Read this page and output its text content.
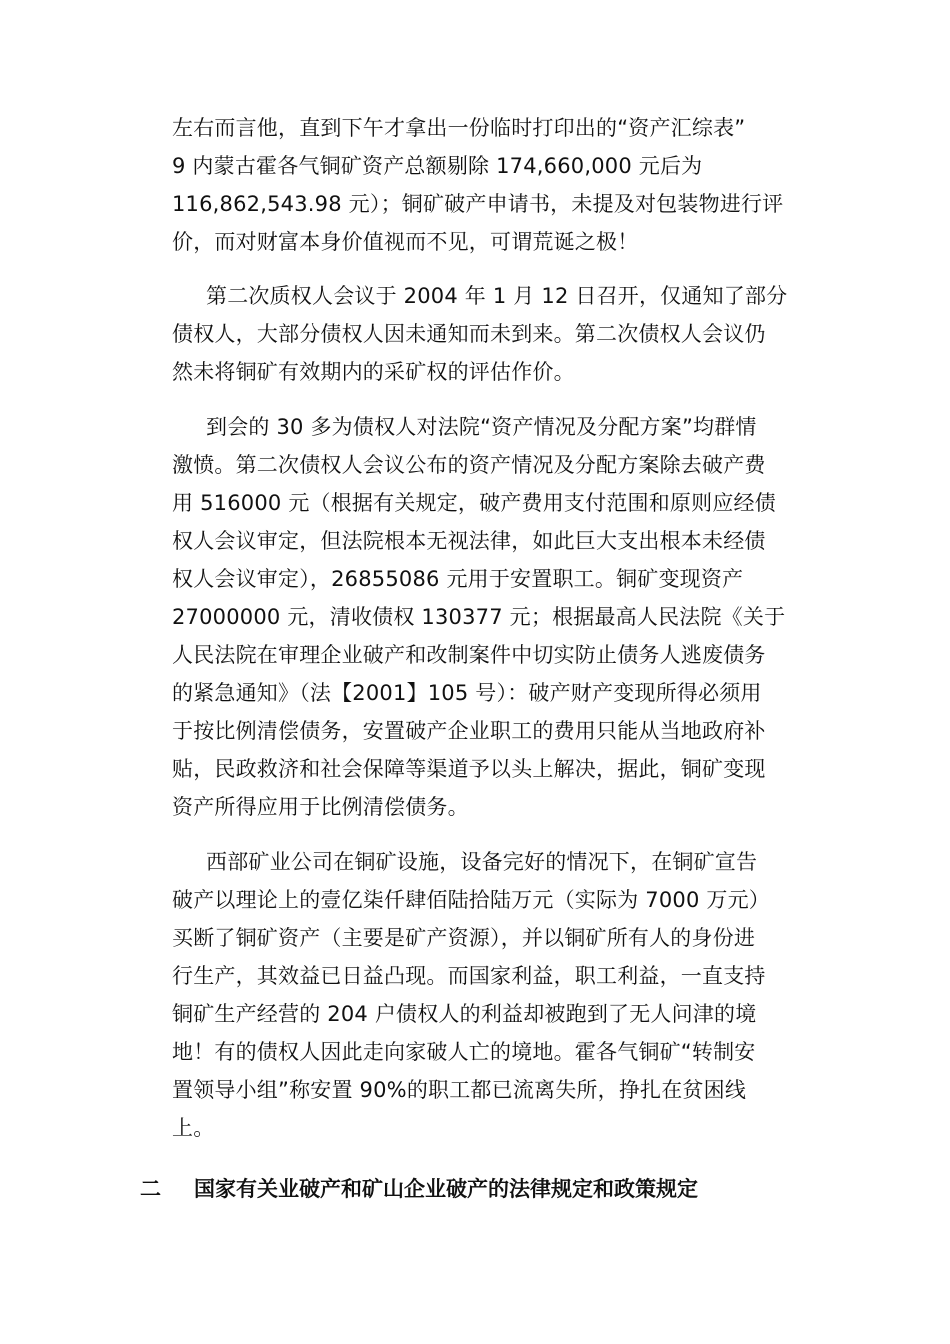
左右而言他，直到下午才拿出一份临时打印出的“资产汇综表”
9 内蒙古霍各气铜矿资产总额剔除 174,660,000 元后为
116,862,543.98 元）；铜矿破产申请书，未提及对包装物进行评
价，而对财富本身价值视而不见，可谓荒诞之极！
第二次质权人会议于 2004 年 1 月 12 日召开，仅通知了部分
债权人，大部分债权人因未通知而未到来。第二次债权人会议仍
然未将铜矿有效期内的采矿权的评估作价。
到会的 30 多为债权人对法院“资产情况及分配方案”均群情
激愤。第二次债权人会议公布的资产情况及分配方案除去破产费
用 516000 元（根据有关规定，破产费用支付范围和原则应经债
权人会议审定，但法院根本无视法律，如此巨大支出根本未经债
权人会议审定），26855086 元用于安置职工。铜矿变现资产
27000000 元，清收债权 130377 元；根据最高人民法院《关于
人民法院在审理企业破产和改制案件中切实防止债务人逃废债务
的紧急通知》（法【2001】105 号）：破产财产变现所得必须用
于按比例清偿债务，安置破产企业职工的费用只能从当地政府补
贴，民政救济和社会保障等渠道予以头上解决，据此，铜矿变现
资产所得应用于比例清偿债务。
西部矿业公司在铜矿设施，设备完好的情况下，在铜矿宣告
破产以理论上的壹亿柒仟肆佰陆拾陆万元（实际为 7000 万元）
买断了铜矿资产（主要是矿产资源），并以铜矿所有人的身份进
行生产，其效益已日益凸现。而国家利益，职工利益，一直支持
铜矿生产经营的 204 户债权人的利益却被跑到了无人问津的境
地！有的债权人因此走向家破人亡的境地。霍各气铜矿“转制安
置领导小组”称安置 90%的职工都已流离失所，挣扎在贫困线
上。
二 国家有关业破产和矿山企业破产的法律规定和政策规定
